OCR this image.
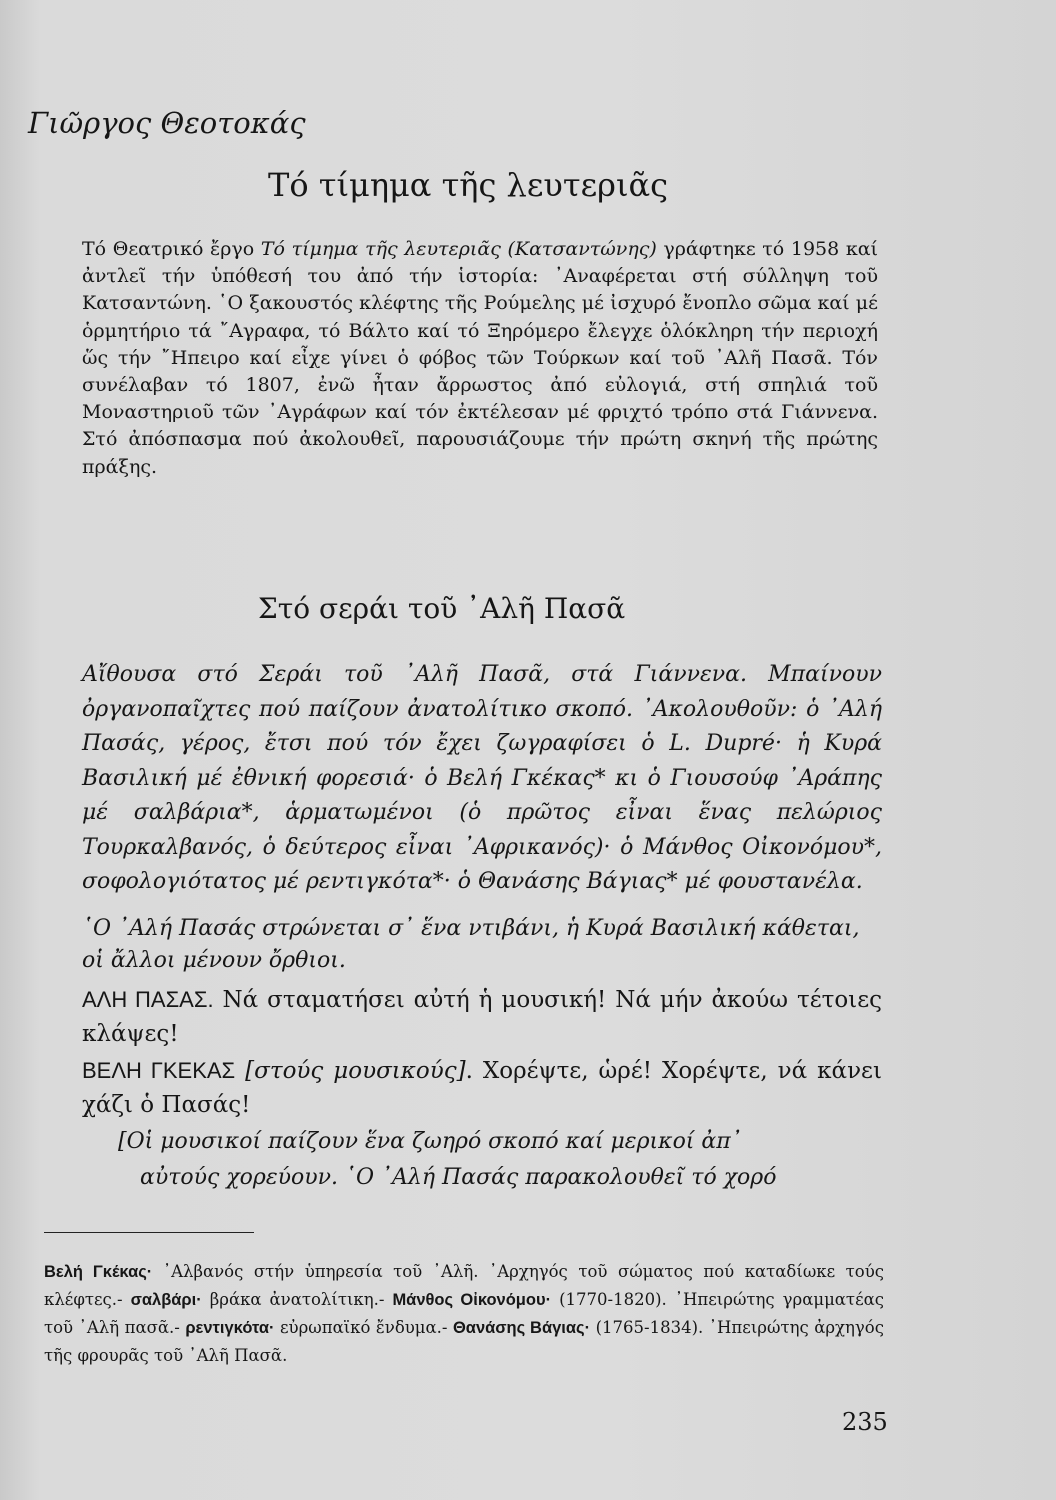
Γιῶργος Θεοτοκάς
Τό τίμημα τῆς λευτεριᾶς
Τό Θεατρικό ἔργο Τό τίμημα τῆς λευτεριᾶς (Κατσαντώνης) γράφτηκε τό 1958 καί ἀντλεῖ τήν ὑπόθεσή του ἀπό τήν ἱστορία: ᾿Αναφέρεται στή σύλληψη τοῦ Κατσαντώνη. ῾Ο ξακουστός κλέφτης τῆς Ρούμελης μέ ἰσχυρό ἔνοπλο σῶμα καί μέ ὁρμητήριο τά ῎Αγραφα, τό Βάλτο καί τό Ξηρόμερο ἔλεγχε ὁλόκληρη τήν περιοχή ὥς τήν ῎Ηπειρο καί εἶχε γίνει ὁ φόβος τῶν Τούρκων καί τοῦ ᾿Αλῆ Πασᾶ. Τόν συνέλαβαν τό 1807, ἐνῶ ἦταν ἄρρωστος ἀπό εὐλογιά, στή σπηλιά τοῦ Μοναστηριοῦ τῶν ᾿Αγράφων καί τόν ἐκτέλεσαν μέ φριχτό τρόπο στά Γιάννενα. Στό ἀπόσπασμα πού ἀκολουθεῖ, παρουσιάζουμε τήν πρώτη σκηνή τῆς πρώτης πράξης.
Στό σεράι τοῦ ᾿Αλῆ Πασᾶ
Αἴθουσα στό Σεράι τοῦ ᾿Αλῆ Πασᾶ, στά Γιάννενα. Μπαίνουν ὀργανοπαῖχτες πού παίζουν ἀνατολίτικο σκοπό. ᾿Ακολουθοῦν: ὁ ᾿Αλή Πασάς, γέρος, ἔτσι πού τόν ἔχει ζωγραφίσει ὁ L. Dupré· ἡ Κυρά Βασιλική μέ ἐθνική φορεσιά· ὁ Βελή Γκέκας* κι ὁ Γιουσούφ ᾿Αράπης μέ σαλβάρια*, ἁρματωμένοι (ὁ πρῶτος εἶναι ἕνας πελώριος Τουρκαλβανός, ὁ δεύτερος εἶναι ᾿Αφρικανός)· ὁ Μάνθος Οἰκονόμου*, σοφολογιότατος μέ ρεντιγκότα*· ὁ Θανάσης Βάγιας* μέ φουστανέλα.
῾Ο ᾿Αλή Πασάς στρώνεται σ᾿ ἕνα ντιβάνι, ἡ Κυρά Βασιλική κάθεται, οἱ ἄλλοι μένουν ὄρθιοι.
ΑΛΗ ΠΑΣΑΣ. Νά σταματήσει αὐτή ἡ μουσική! Νά μήν ἀκούω τέτοιες κλάψες!
ΒΕΛΗ ΓΚΕΚΑΣ [στούς μουσικούς]. Χορέψτε, ὡρέ! Χορέψτε, νά κάνει χάζι ὁ Πασάς!
[Οἱ μουσικοί παίζουν ἕνα ζωηρό σκοπό καί μερικοί ἀπ᾿
αὐτούς χορεύουν. ῾Ο ᾿Αλή Πασάς παρακολουθεῖ τό χορό
Βελή Γκέκας· ᾿Αλβανός στήν ὑπηρεσία τοῦ ᾿Αλῆ. ᾿Αρχηγός τοῦ σώματος πού καταδίωκε τούς κλέφτες.- σαλβάρι· βράκα ἀνατολίτικη.- Μάνθος Οἰκονόμου· (1770-1820). ᾿Ηπειρώτης γραμματέας τοῦ ᾿Αλῆ πασᾶ.- ρεντιγκότα· εὐρωπαϊκό ἔνδυμα.- Θανάσης Βάγιας· (1765-1834). ᾿Ηπειρώτης ἀρχηγός τῆς φρουρᾶς τοῦ ᾿Αλῆ Πασᾶ.
235
